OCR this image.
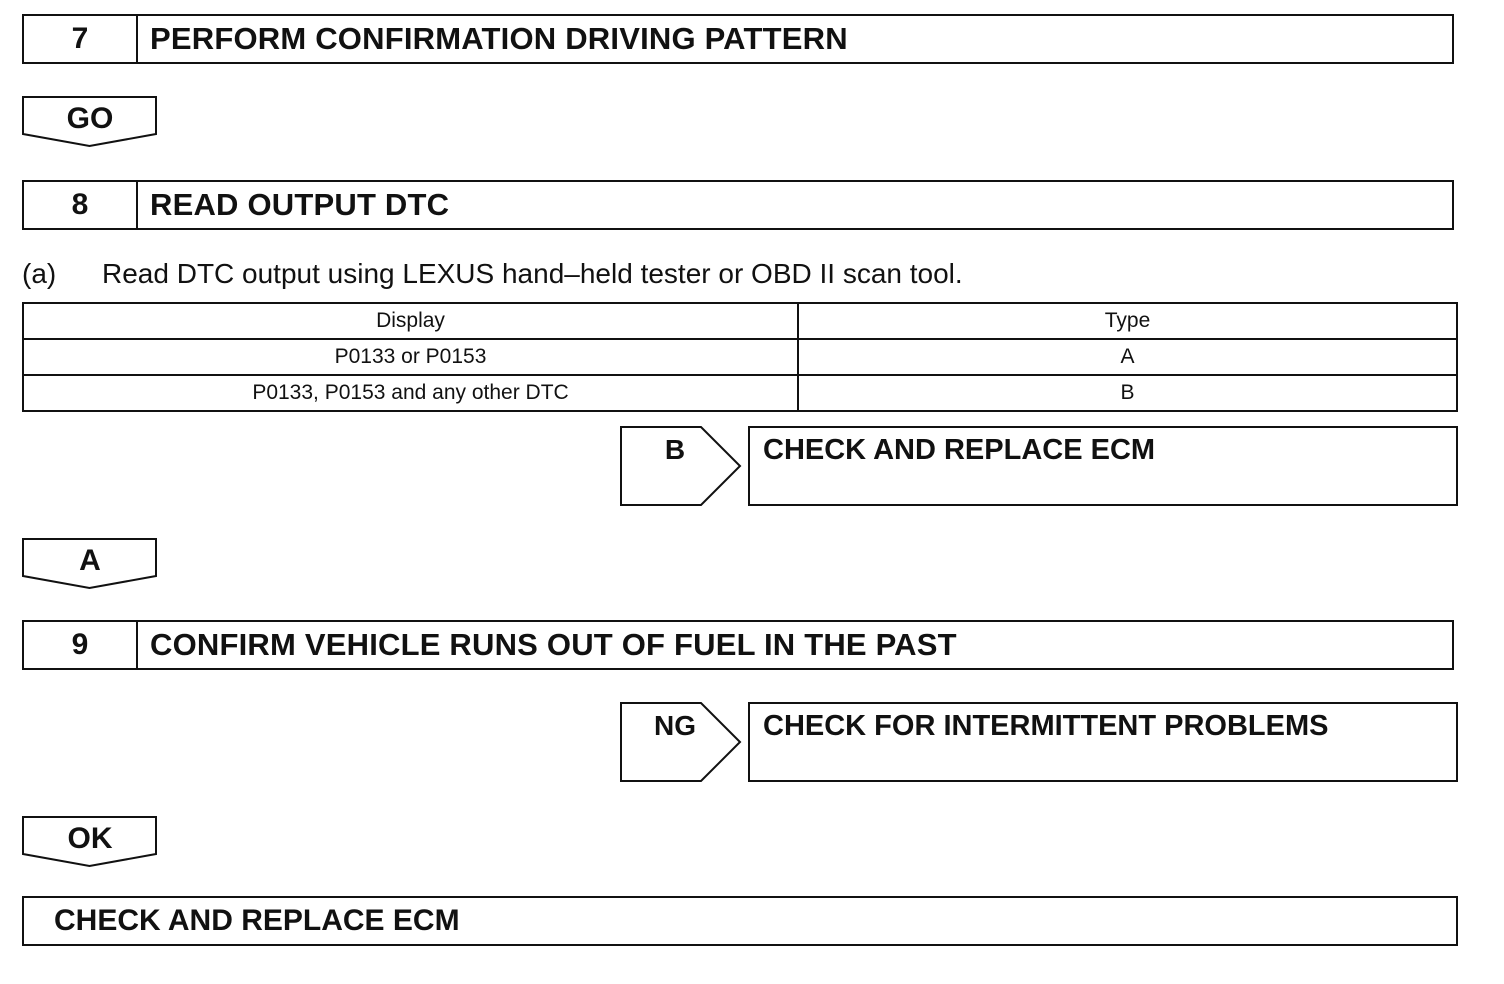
7	PERFORM CONFIRMATION DRIVING PATTERN
GO
8	READ OUTPUT DTC
(a) Read DTC output using LEXUS hand–held tester or OBD II scan tool.
Display	Type
P0133 or P0153	A
P0133, P0153 and any other DTC	B
B	CHECK AND REPLACE ECM
A
9	CONFIRM VEHICLE RUNS OUT OF FUEL IN THE PAST
NG	CHECK FOR INTERMITTENT PROBLEMS
OK
CHECK AND REPLACE ECM
